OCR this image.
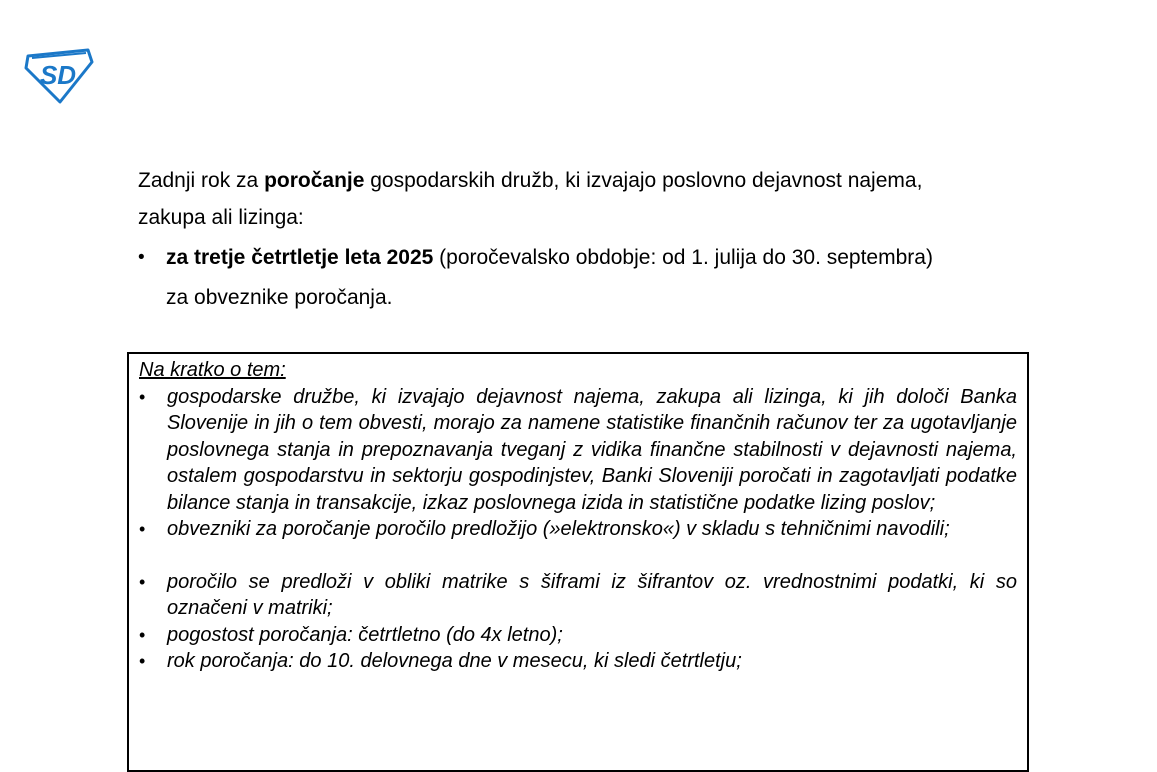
SD

Zadnji rok za poročanje gospodarskih družb, ki izvajajo poslovno dejavnost najema,

zakupa ali lizinga:

• za tretje četrtletje leta 2025 (poročevalsko obdobje: od 1. julija do 30. septembra)
za obveznike poročanja.
Na kratko o tem:
• gospodarske družbe, ki izvajajo dejavnost najema, zakupa ali lizinga, ki jih določi Banka Slovenije in jih o tem obvesti, morajo za namene statistike finančnih računov ter za ugotavljanje poslovnega stanja in prepoznavanja tveganj z vidika finančne stabilnosti v dejavnosti najema, ostalem gospodarstvu in sektorju gospodinjstev, Banki Sloveniji poročati in zagotavljati podatke bilance stanja in transakcije, izkaz poslovnega izida in statistične podatke lizing poslov;
• obvezniki za poročanje poročilo predložijo (»elektronsko«) v skladu s tehničnimi navodili;
• poročilo se predloži v obliki matrike s šiframi iz šifrantov oz. vrednostnimi podatki, ki so označeni v matriki;
• pogostost poročanja: četrtletno (do 4x letno);
• rok poročanja: do 10. delovnega dne v mesecu, ki sledi četrtletju;
